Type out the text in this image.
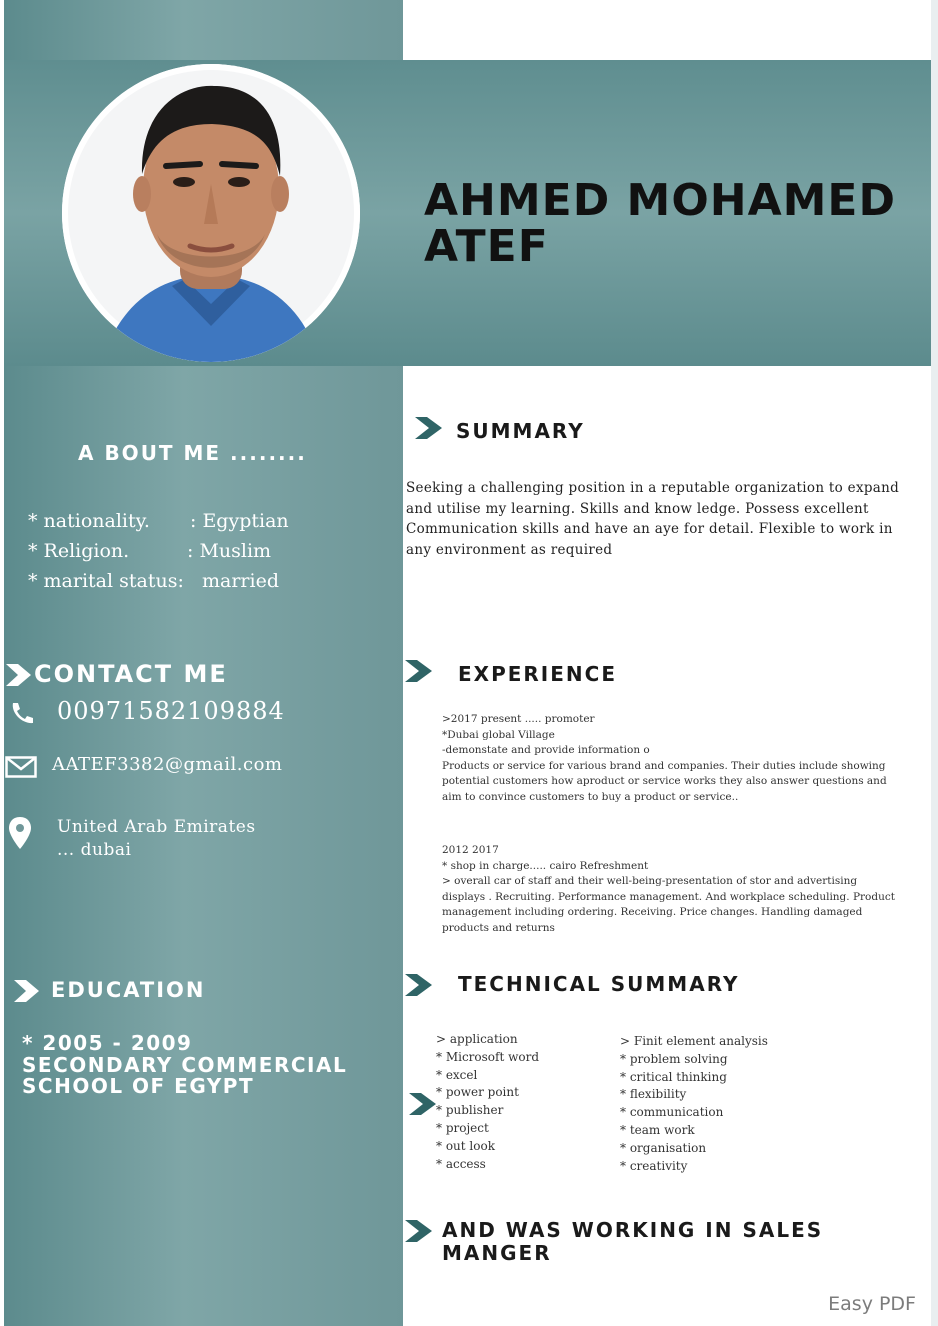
AHMED MOHAMED
ATEF
A BOUT ME ........
* nationality. : Egyptian
* Religion.	: Muslim
* marital status: married
CONTACT ME
00971582109884
AATEF3382@gmail.com
United Arab Emirates
... dubai
EDUCATION
* 2005 - 2009
SECONDARY COMMERCIAL
SCHOOL OF EGYPT
SUMMARY
Seeking a challenging position in a reputable organization to expand
and utilise my learning. Skills and know ledge. Possess excellent
Communication skills and have an aye for detail. Flexible to work in
any environment as required
EXPERIENCE
>2017 present ..... promoter
*Dubai global Village
-demonstate and provide information o
Products or service for various brand and companies. Their duties include showing
potential customers how aproduct or service works they also answer questions and
aim to convince customers to buy a product or service..
2012 2017
* shop in charge..... cairo Refreshment
> overall car of staff and their well-being-presentation of stor and advertising
displays . Recruiting. Performance management. And workplace scheduling. Product
management including ordering. Receiving. Price changes. Handling damaged
products and returns
TECHNICAL SUMMARY
> application
* Microsoft word
* excel
* power point
* publisher
* project
* out look
* access
> Finit element analysis
* problem solving
* critical thinking
* flexibility
* communication
* team work
* organisation
* creativity
AND WAS WORKING IN SALES
MANGER
Easy PDF
